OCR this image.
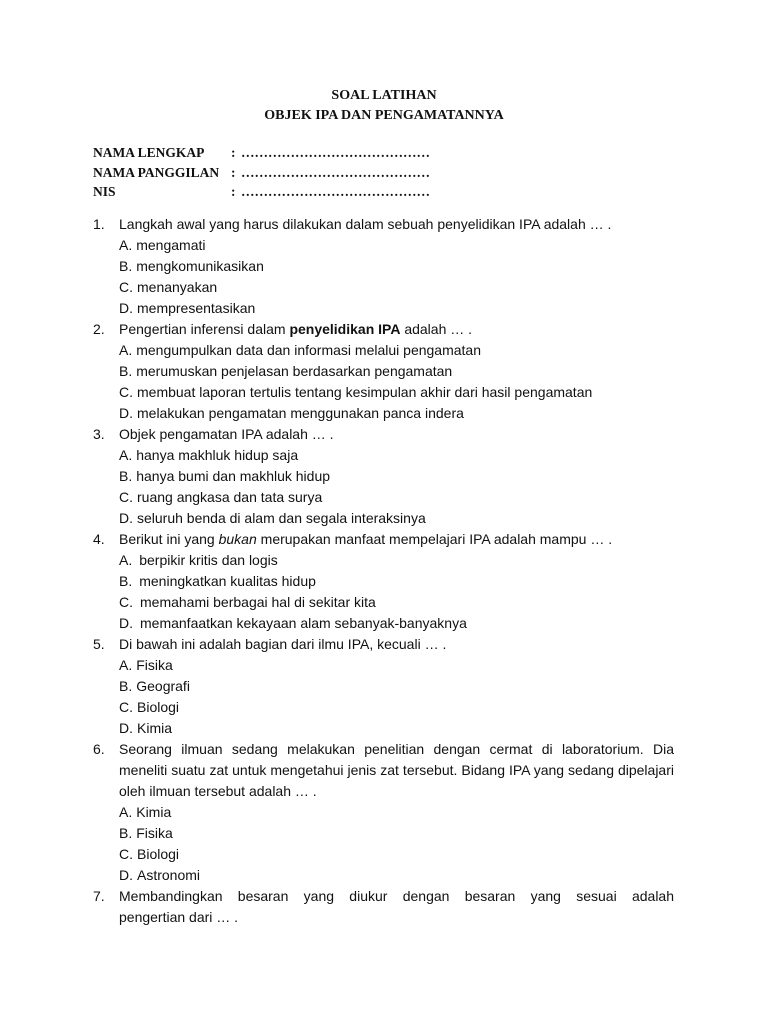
SOAL LATIHAN
OBJEK IPA DAN PENGAMATANNYA
NAMA LENGKAP : ……………………………………
NAMA PANGGILAN : ……………………………………
NIS	: ……………………………………
1. Langkah awal yang harus dilakukan dalam sebuah penyelidikan IPA adalah … .
A. mengamati
B. mengkomunikasikan
C. menanyakan
D. mempresentasikan
2. Pengertian inferensi dalam penyelidikan IPA adalah … .
A. mengumpulkan data dan informasi melalui pengamatan
B. merumuskan penjelasan berdasarkan pengamatan
C. membuat laporan tertulis tentang kesimpulan akhir dari hasil pengamatan
D. melakukan pengamatan menggunakan panca indera
3. Objek pengamatan IPA adalah … .
A. hanya makhluk hidup saja
B. hanya bumi dan makhluk hidup
C. ruang angkasa dan tata surya
D. seluruh benda di alam dan segala interaksinya
4. Berikut ini yang bukan merupakan manfaat mempelajari IPA adalah mampu … .
A. berpikir kritis dan logis
B. meningkatkan kualitas hidup
C. memahami berbagai hal di sekitar kita
D. memanfaatkan kekayaan alam sebanyak-banyaknya
5. Di bawah ini adalah bagian dari ilmu IPA, kecuali … .
A. Fisika
B. Geografi
C. Biologi
D. Kimia
6. Seorang ilmuan sedang melakukan penelitian dengan cermat di laboratorium. Dia meneliti suatu zat untuk mengetahui jenis zat tersebut. Bidang IPA yang sedang dipelajari oleh ilmuan tersebut adalah … .
A. Kimia
B. Fisika
C. Biologi
D. Astronomi
7. Membandingkan besaran yang diukur dengan besaran yang sesuai adalah
pengertian dari … .
